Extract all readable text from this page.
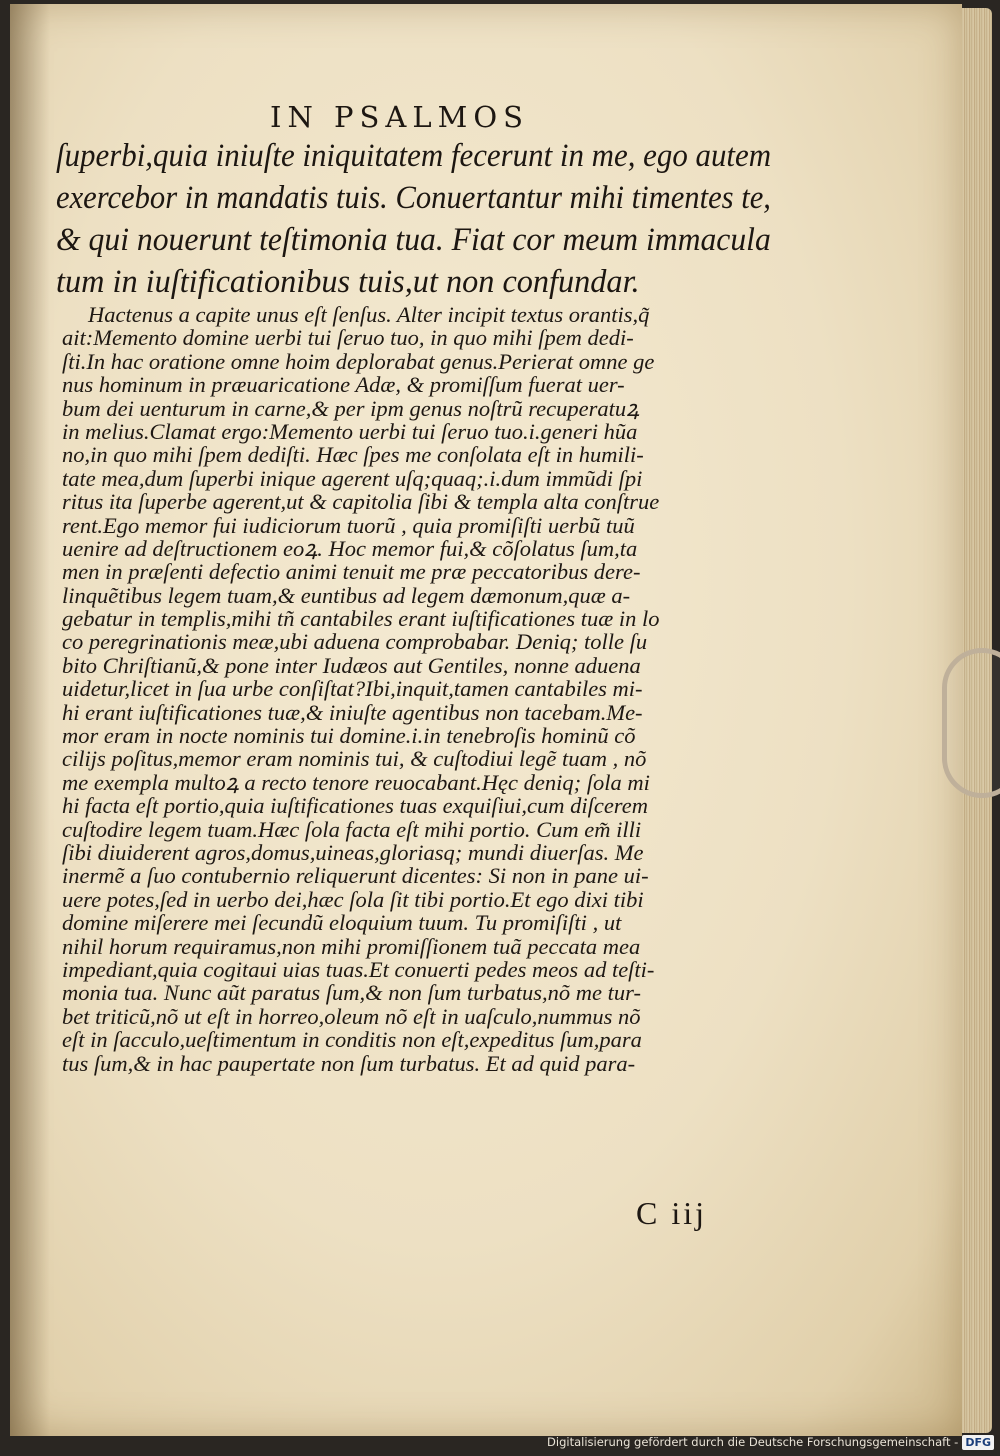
IN PSALMOS
ſuperbi,quia iniuſte iniquitatem fecerunt in me, ego autem
exercebor in mandatis tuis. Conuertantur mihi timentes te,
& qui nouerunt teſtimonia tua. Fiat cor meum immacula
tum in iuſtificationibus tuis,ut non confundar.
Hactenus a capite unus eſt ſenſus. Alter incipit textus orantis,q̃
ait:Memento domine uerbi tui ſeruo tuo, in quo mihi ſpem dedi-
ſti.In hac oratione omne hoim deplorabat genus.Perierat omne ge
nus hominum in præuaricatione Adæ, & promiſſum fuerat uer-
bum dei uenturum in carne,& per ipm genus noſtrũ recuperatuꝝ
in melius.Clamat ergo:Memento uerbi tui ſeruo tuo.i.generi hũa
no,in quo mihi ſpem dediſti. Hæc ſpes me conſolata eſt in humili-
tate mea,dum ſuperbi inique agerent uſq;quaq;.i.dum immũdi ſpi
ritus ita ſuperbe agerent,ut & capitolia ſibi & templa alta conſtrue
rent.Ego memor fui iudiciorum tuorũ , quia promiſiſti uerbũ tuũ
uenire ad deſtructionem eoꝝ. Hoc memor fui,& cõſolatus ſum,ta
men in præſenti defectio animi tenuit me præ peccatoribus dere-
linquẽtibus legem tuam,& euntibus ad legem dæmonum,quæ a-
gebatur in templis,mihi tñ cantabiles erant iuſtificationes tuæ in lo
co peregrinationis meæ,ubi aduena comprobabar. Deniq; tolle ſu
bito Chriſtianũ,& pone inter Iudæos aut Gentiles, nonne aduena
uidetur,licet in ſua urbe conſiſtat?Ibi,inquit,tamen cantabiles mi-
hi erant iuſtificationes tuæ,& iniuſte agentibus non tacebam.Me-
mor eram in nocte nominis tui domine.i.in tenebroſis hominũ cõ
cilijs poſitus,memor eram nominis tui, & cuſtodiui legẽ tuam , nõ
me exempla multoꝝ a recto tenore reuocabant.Hęc deniq; ſola mi
hi facta eſt portio,quia iuſtificationes tuas exquiſiui,cum diſcerem
cuſtodire legem tuam.Hæc ſola facta eſt mihi portio. Cum em̃ illi
ſibi diuiderent agros,domus,uineas,gloriasq; mundi diuerſas. Me
inermẽ a ſuo contubernio reliquerunt dicentes: Si non in pane ui-
uere potes,ſed in uerbo dei,hæc ſola ſit tibi portio.Et ego dixi tibi
domine miſerere mei ſecundũ eloquium tuum. Tu promiſiſti , ut
nihil horum requiramus,non mihi promiſſionem tuã peccata mea
impediant,quia cogitaui uias tuas.Et conuerti pedes meos ad teſti-
monia tua. Nunc aũt paratus ſum,& non ſum turbatus,nõ me tur-
bet triticũ,nõ ut eſt in horreo,oleum nõ eſt in uaſculo,nummus nõ
eſt in ſacculo,ueſtimentum in conditis non eſt,expeditus ſum,para
tus ſum,& in hac paupertate non ſum turbatus. Et ad quid para-
C iij
Digitalisierung gefördert durch die Deutsche Forschungsgemeinschaft - DFG
